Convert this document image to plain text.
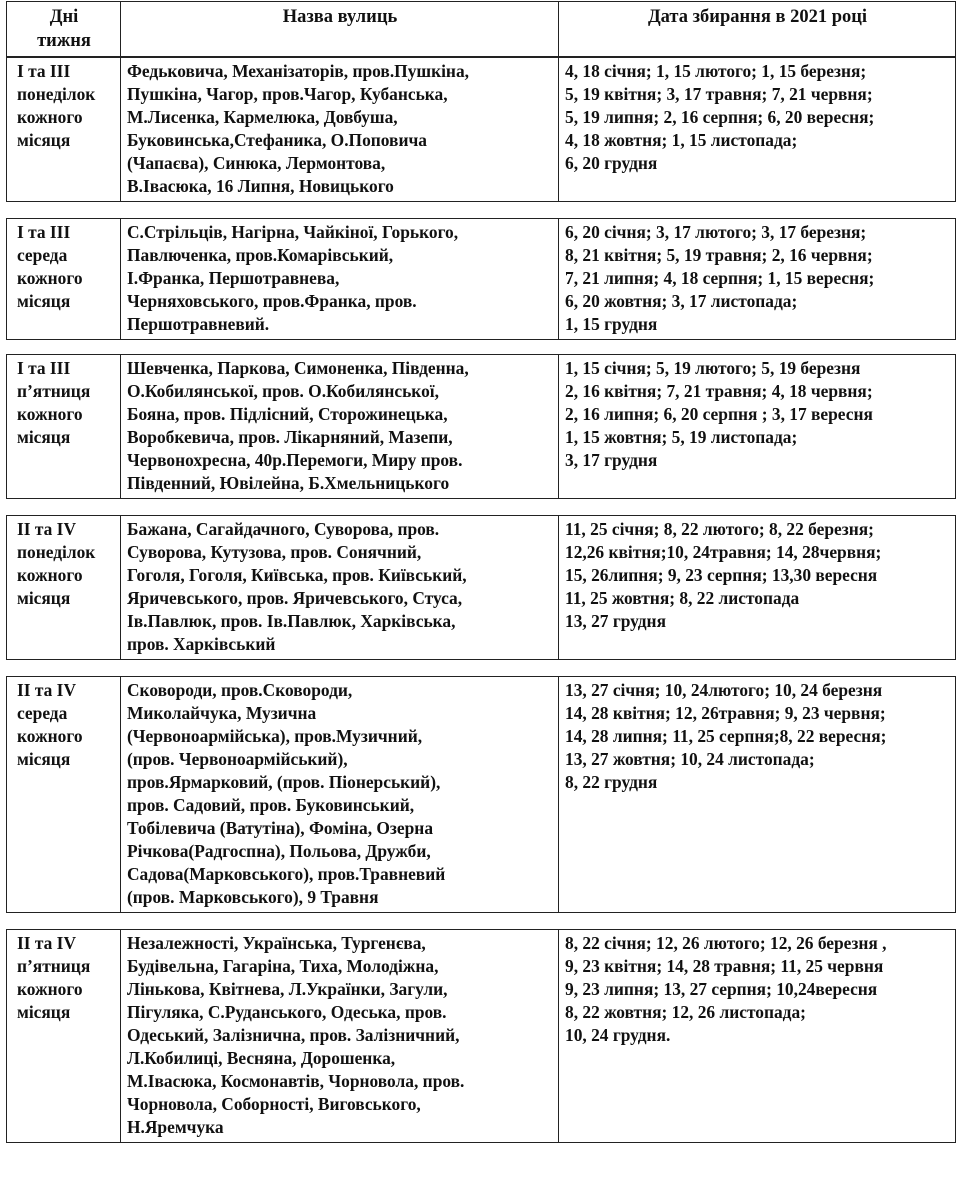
Дні
тижня
Назва вулиць	Дата збирання в 2021 році
І та ІІІ
понеділок
кожного
місяця
Федьковича, Механізаторів, пров.Пушкіна,
Пушкіна, Чагор, пров.Чагор, Кубанська,
М.Лисенка, Кармелюка, Довбуша,
Буковинська,Стефаника, О.Поповича
(Чапаєва), Синюка, Лермонтова,
В.Івасюка, 16 Липня, Новицького
4, 18 січня; 1, 15 лютого; 1, 15 березня;
5, 19 квітня; 3, 17 травня; 7, 21 червня;
5, 19 липня; 2, 16 серпня; 6, 20 вересня;
4, 18 жовтня; 1, 15 листопада;
6, 20 грудня
І та ІІІ
середа
кожного
місяця
С.Стрільців, Нагірна, Чайкіної, Горького,
Павлюченка, пров.Комарівський,
І.Франка, Першотравнева,
Черняховського, пров.Франка, пров.
Першотравневий.
6, 20 січня; 3, 17 лютого; 3, 17 березня;
8, 21 квітня; 5, 19 травня; 2, 16 червня;
7, 21 липня; 4, 18 серпня; 1, 15 вересня;
6, 20 жовтня; 3, 17 листопада;
1, 15 грудня
І та ІІІ
п’ятниця
кожного
місяця
Шевченка, Паркова, Симоненка, Південна,
О.Кобилянської, пров. О.Кобилянської,
Бояна, пров. Підлісний, Сторожинецька,
Воробкевича, пров. Лікарняний, Мазепи,
Червонохресна, 40р.Перемоги, Миру пров.
Південний, Ювілейна, Б.Хмельницького
1, 15 січня; 5, 19 лютого; 5, 19 березня
2, 16 квітня; 7, 21 травня; 4, 18 червня;
2, 16 липня; 6, 20 серпня ; 3, 17 вересня
1, 15 жовтня; 5, 19 листопада;
3, 17 грудня
ІІ та ІV
понеділок
кожного
місяця
Бажана, Сагайдачного, Суворова, пров.
Суворова, Кутузова, пров. Сонячний,
Гоголя, Гоголя, Київська, пров. Київський,
Яричевського, пров. Яричевського, Стуса,
Ів.Павлюк, пров. Ів.Павлюк, Харківська,
пров. Харківський
11, 25 січня; 8, 22 лютого; 8, 22 березня;
12,26 квітня;10, 24травня; 14, 28червня;
15, 26липня; 9, 23 серпня; 13,30 вересня
11, 25 жовтня; 8, 22 листопада
13, 27 грудня
ІІ та ІV
середа
кожного
місяця
Сковороди, пров.Сковороди,
Миколайчука, Музична
(Червоноармійська), пров.Музичний,
(пров. Червоноармійський),
пров.Ярмарковий, (пров. Піонерський),
пров. Садовий, пров. Буковинський,
Тобілевича (Ватутіна), Фоміна, Озерна
Річкова(Радгоспна), Польова, Дружби,
Садова(Марковського), пров.Травневий
(пров. Марковського), 9 Травня
13, 27 січня; 10, 24лютого; 10, 24 березня
14, 28 квітня; 12, 26травня; 9, 23 червня;
14, 28 липня; 11, 25 серпня;8, 22 вересня;
13, 27 жовтня; 10, 24 листопада;
8, 22 грудня
ІІ та ІV
п’ятниця
кожного
місяця
Незалежності, Українська, Тургенєва,
Будівельна, Гагаріна, Тиха, Молодіжна,
Лінькова, Квітнева, Л.Українки, Загули,
Пігуляка, С.Руданського, Одеська, пров.
Одеський, Залізнична, пров. Залізничний,
Л.Кобилиці, Весняна, Дорошенка,
М.Івасюка, Космонавтів, Чорновола, пров.
Чорновола, Соборності, Виговського,
Н.Яремчука
8, 22 січня; 12, 26 лютого; 12, 26 березня ,
9, 23 квітня; 14, 28 травня; 11, 25 червня
9, 23 липня; 13, 27 серпня; 10,24вересня
8, 22 жовтня; 12, 26 листопада;
10, 24 грудня.
